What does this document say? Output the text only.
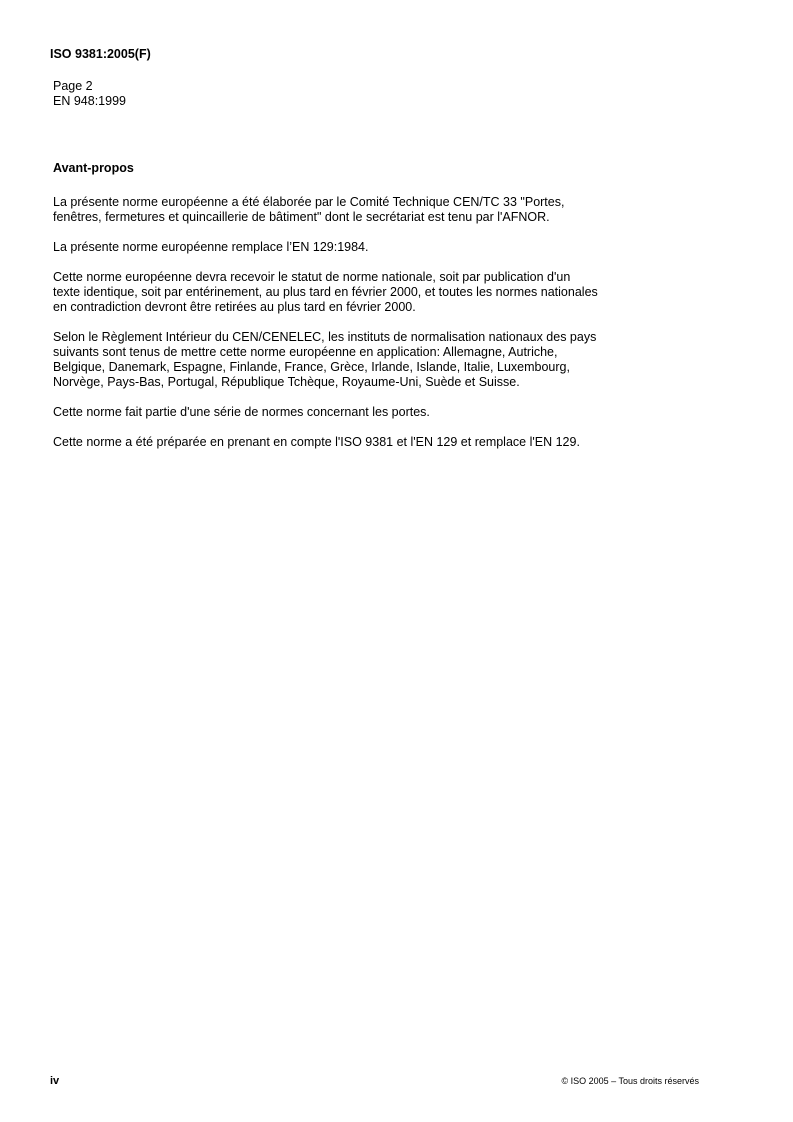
ISO 9381:2005(F)
Page 2
EN 948:1999
Avant-propos

La présente norme européenne a été élaborée par le Comité Technique CEN/TC 33 "Portes,
fenêtres, fermetures et quincaillerie de bâtiment" dont le secrétariat est tenu par l'AFNOR.

La présente norme européenne remplace l’EN 129:1984.

Cette norme européenne devra recevoir le statut de norme nationale, soit par publication d'un
texte identique, soit par entérinement, au plus tard en février 2000, et toutes les normes nationales
en contradiction devront être retirées au plus tard en février 2000.

Selon le Règlement Intérieur du CEN/CENELEC, les instituts de normalisation nationaux des pays
suivants sont tenus de mettre cette norme européenne en application: Allemagne, Autriche,
Belgique, Danemark, Espagne, Finlande, France, Grèce, Irlande, Islande, Italie, Luxembourg,
Norvège, Pays-Bas, Portugal, République Tchèque, Royaume-Uni, Suède et Suisse.

Cette norme fait partie d'une série de normes concernant les portes.

Cette norme a été préparée en prenant en compte l'ISO 9381 et l'EN 129 et remplace l'EN 129.

iv	© ISO 2005 – Tous droits réservés
